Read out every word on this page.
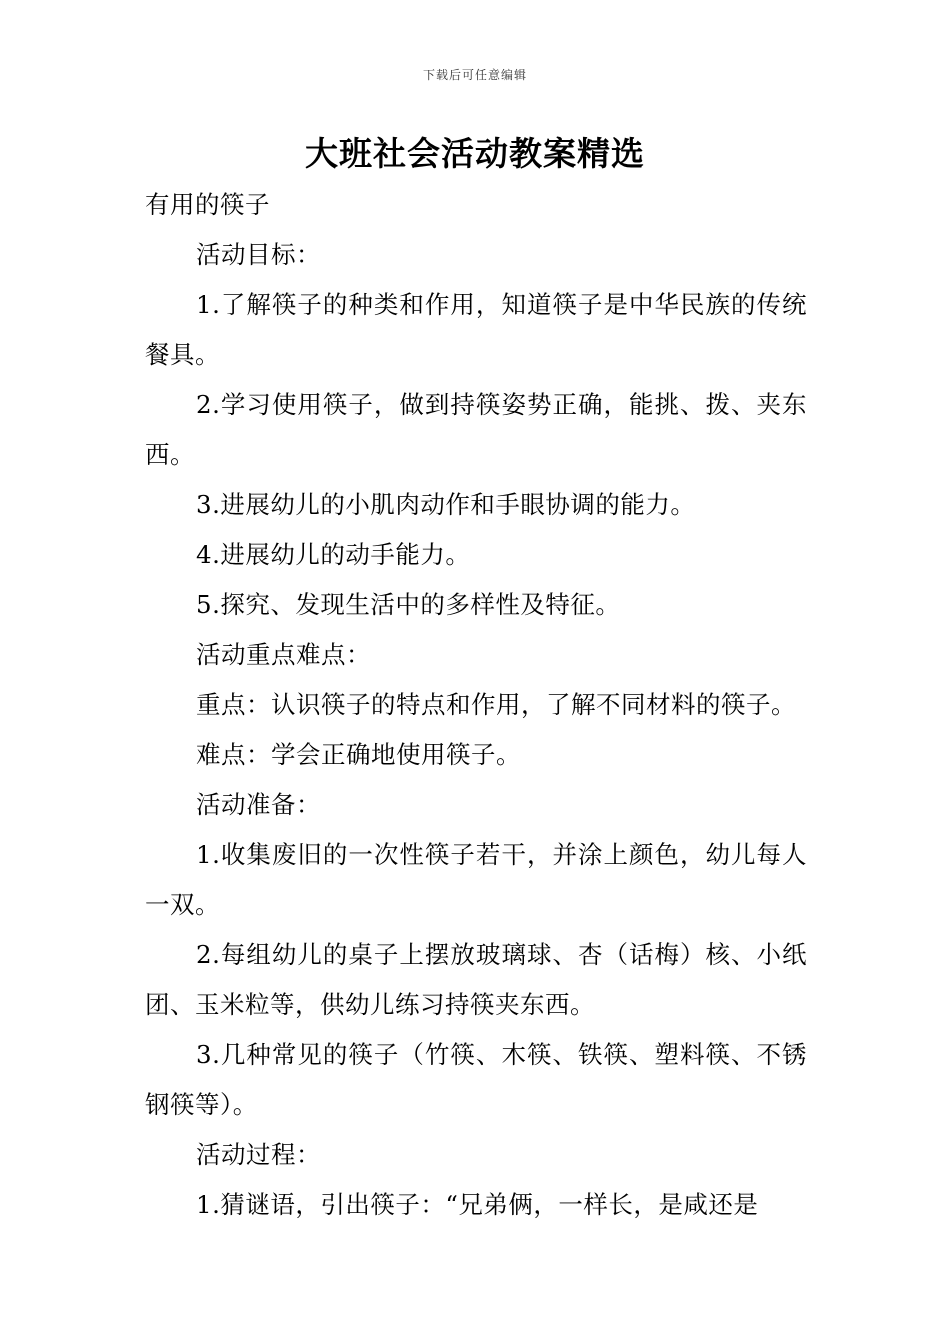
下载后可任意编辑
大班社会活动教案精选

有用的筷子

活动目标：

1.了解筷子的种类和作用，知道筷子是中华民族的传统餐具。

2.学习使用筷子，做到持筷姿势正确，能挑、拨、夹东西。

3.进展幼儿的小肌肉动作和手眼协调的能力。

4.进展幼儿的动手能力。

5.探究、发现生活中的多样性及特征。

活动重点难点：

重点：认识筷子的特点和作用，了解不同材料的筷子。

难点：学会正确地使用筷子。

活动准备：

1.收集废旧的一次性筷子若干，并涂上颜色，幼儿每人一双。

2.每组幼儿的桌子上摆放玻璃球、杏（话梅）核、小纸团、玉米粒等，供幼儿练习持筷夹东西。

3.几种常见的筷子（竹筷、木筷、铁筷、塑料筷、不锈钢筷等）。

活动过程：

1.猜谜语，引出筷子：“兄弟俩，一样长，是咸还是
